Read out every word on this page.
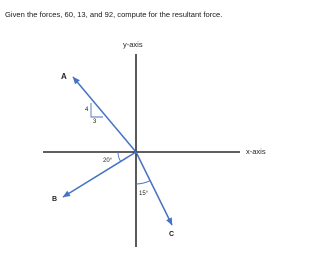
Given the forces, 60, 13, and 92, compute for the resultant force.
y-axis
x-axis
A
B
C
4
3
20°
15°
